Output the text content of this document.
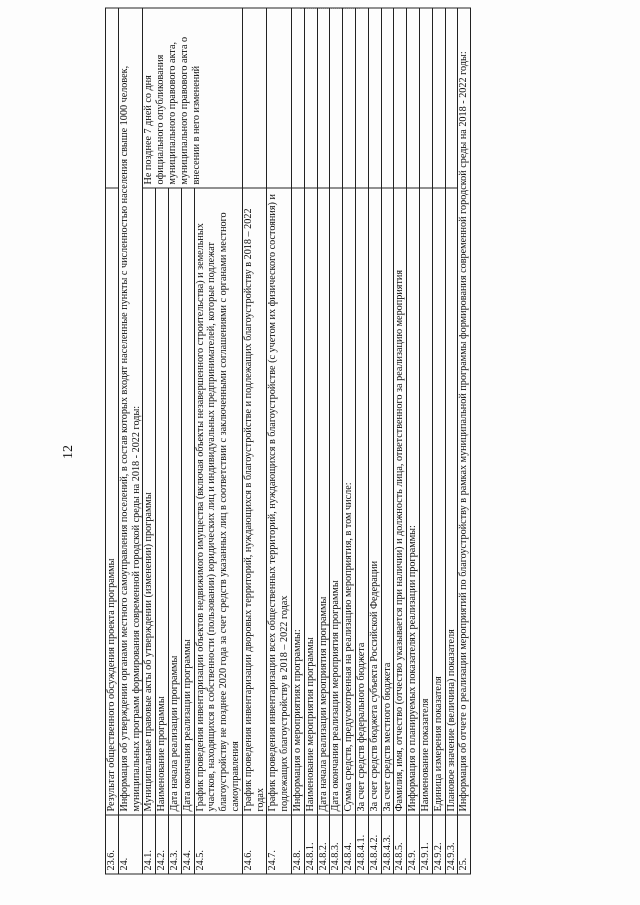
12
23.6.	Результат общественного обсуждения проекта программы	
24.	Информация об утверждении органами местного самоуправления поселений, в состав которых входят населенные пункты с численностью населения свыше 1000 человек, муниципальных программ формирования современной городской среды на 2018 - 2022 годы:	
24.1.	Муниципальные правовые акты об утверждении (изменении) программы	Не позднее 7 дней со дня официального опубликования муниципального правового акта, муниципального правового акта о внесении в него изменений
24.2.	Наименование программы	
24.3.	Дата начала реализации программы	
24.4.	Дата окончания реализации программы	
24.5.	График проведения инвентаризации объектов недвижимого имущества (включая объекты незавершенного строительства) и земельных участков, находящихся в собственности (пользовании) юридических лиц и индивидуальных предпринимателей, которые подлежат благоустройству не позднее 2020 года за счет средств указанных лиц в соответствии с заключенными соглашениями с органами местного самоуправления	
24.6.	График проведения инвентаризации дворовых территорий, нуждающихся в благоустройстве и подлежащих благоустройству в 2018 – 2022 годах	
24.7.	График проведения инвентаризации всех общественных территорий, нуждающихся в благоустройстве (с учетом их физического состояния) и подлежащих благоустройству в 2018 – 2022 годах	
24.8.	Информация о мероприятиях программы:	
24.8.1.	Наименование мероприятия программы	
24.8.2.	Дата начала реализации мероприятия программы	
24.8.3.	Дата окончания реализации мероприятия программы	
24.8.4.	Сумма средств, предусмотренная на реализацию мероприятия, в том числе:	
24.8.4.1.	За счет средств федерального бюджета	
24.8.4.2.	За счет средств бюджета субъекта Российской Федерации	
24.8.4.3.	За счет средств местного бюджета	
24.8.5.	Фамилия, имя, отчество (отчество указывается при наличии) и должность лица, ответственного за реализацию мероприятия	
24.9.	Информация о планируемых показателях реализации программы:	
24.9.1.	Наименование показателя	
24.9.2.	Единица измерения показателя	
24.9.3.	Плановое значение (величина) показателя	
25.	Информация об отчете о реализации мероприятий по благоустройству в рамках муниципальной программы формирования современной городской среды на 2018 - 2022 годы:	
